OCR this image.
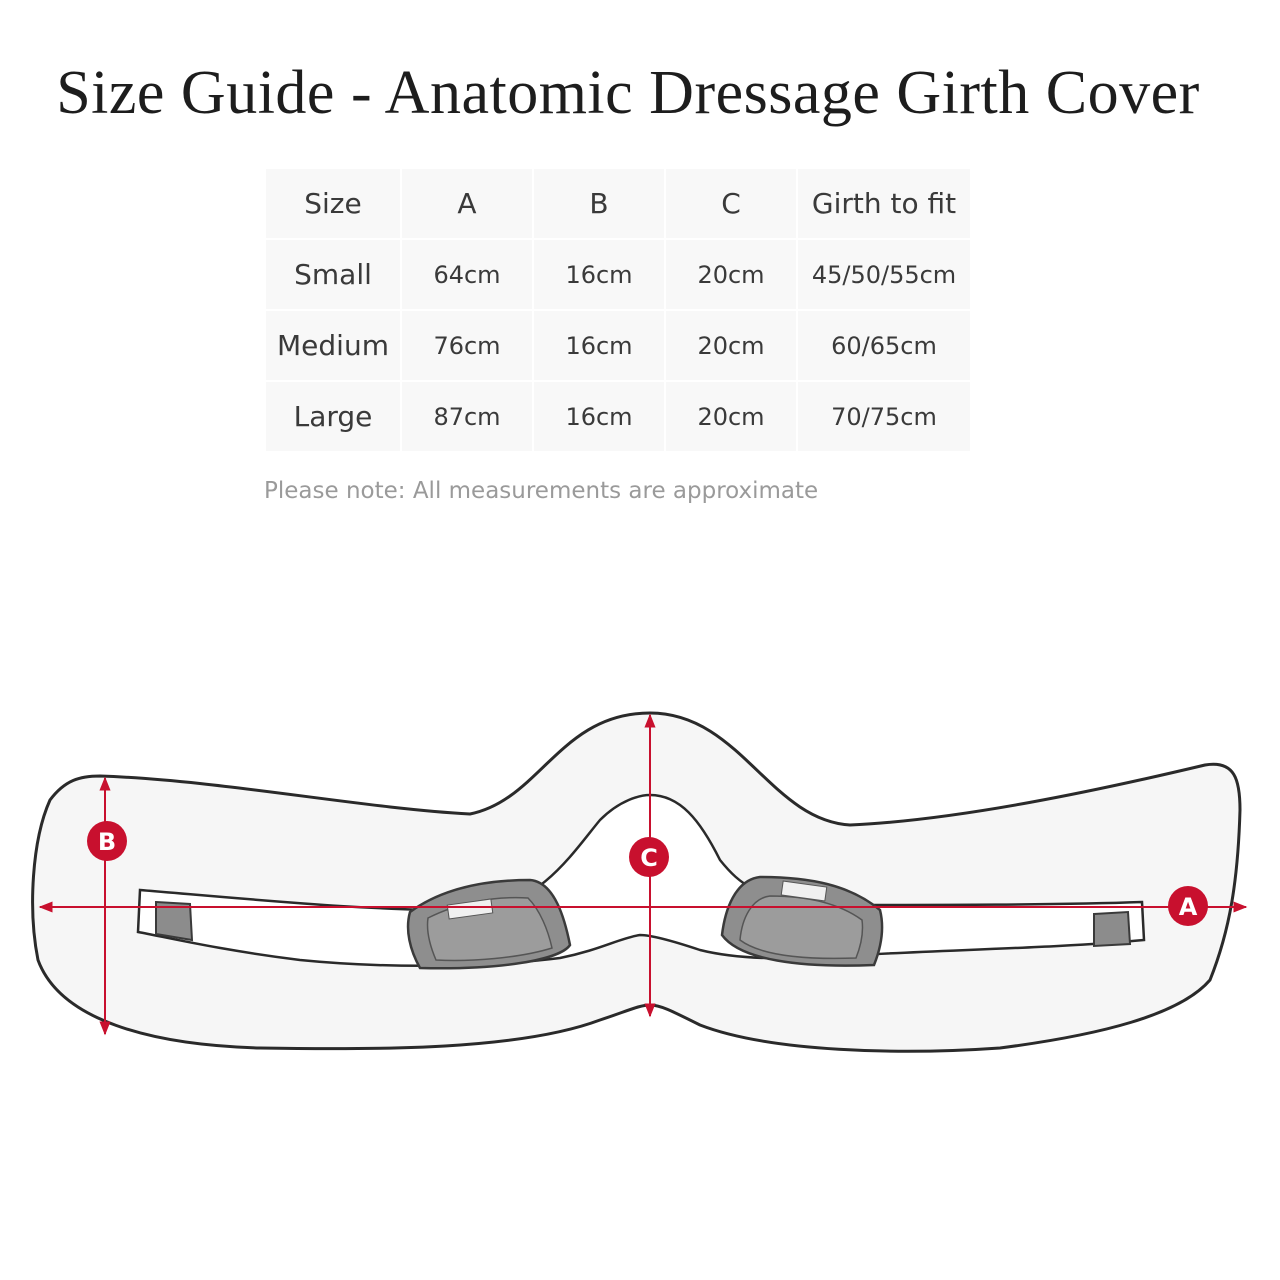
Size Guide - Anatomic Dressage Girth Cover
Size	A	B	C	Girth to fit
Small	64cm	16cm	20cm	45/50/55cm
Medium	76cm	16cm	20cm	60/65cm
Large	87cm	16cm	20cm	70/75cm
Please note: All measurements are approximate
B
C
A
